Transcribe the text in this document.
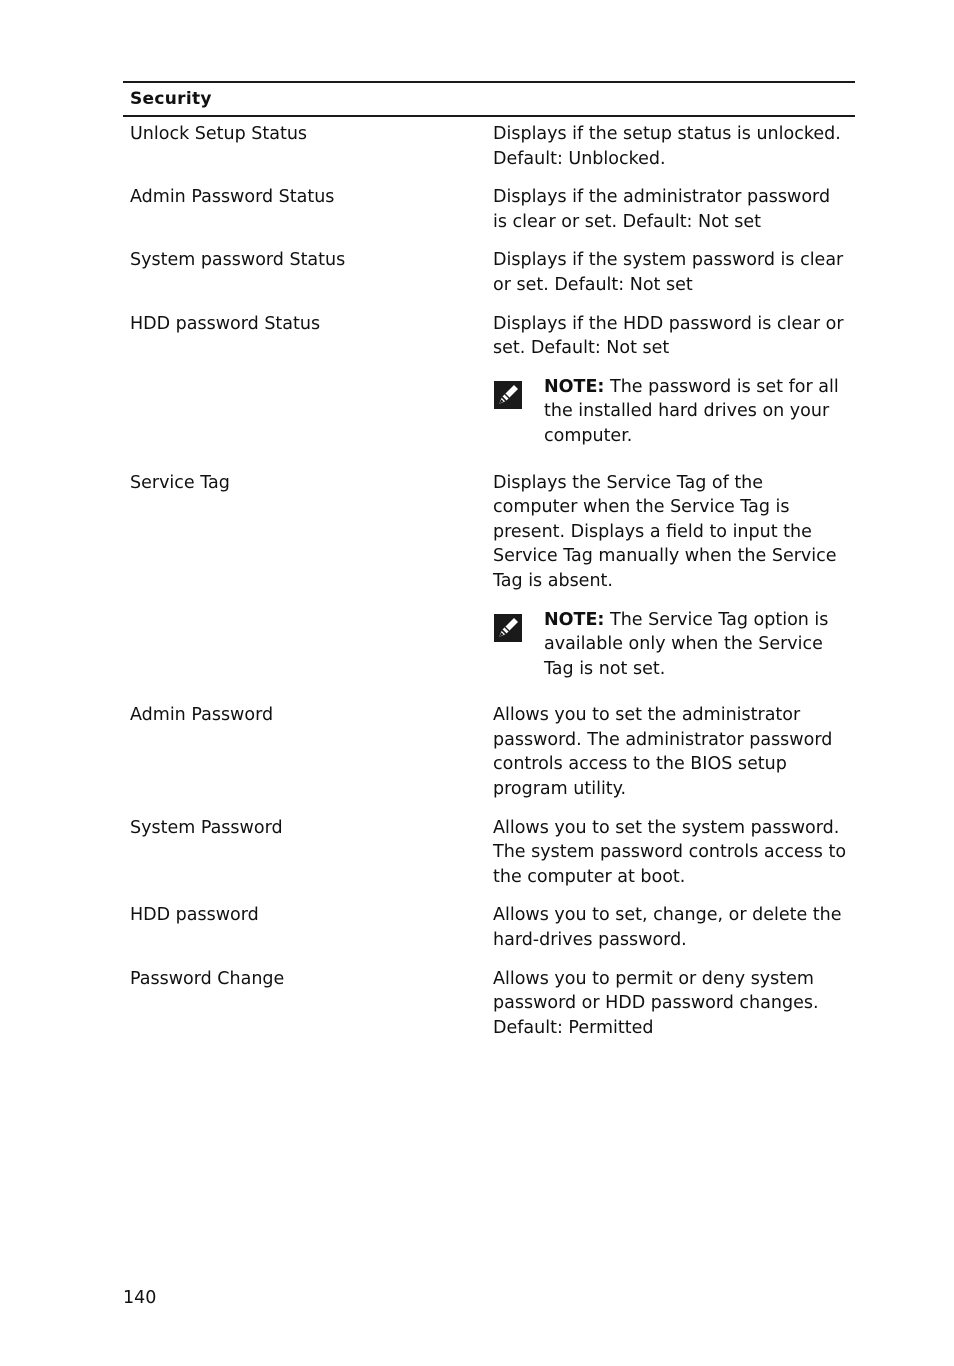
Security
Unlock Setup Status	Displays if the setup status is unlocked. Default: Unblocked.

Admin Password Status	Displays if the administrator password is clear or set. Default: Not set

System password Status	Displays if the system password is clear or set. Default: Not set

HDD password Status	Displays if the HDD password is clear or set. Default: Not set

NOTE: The password is set for all the installed hard drives on your computer.

Service Tag	Displays the Service Tag of the computer when the Service Tag is present. Displays a field to input the Service Tag manually when the Service Tag is absent.

NOTE: The Service Tag option is available only when the Service Tag is not set.

Admin Password	Allows you to set the administrator password. The administrator password controls access to the BIOS setup program utility.

System Password	Allows you to set the system password. The system password controls access to the computer at boot.

HDD password	Allows you to set, change, or delete the hard-drives password.

Password Change	Allows you to permit or deny system password or HDD password changes. Default: Permitted

140
